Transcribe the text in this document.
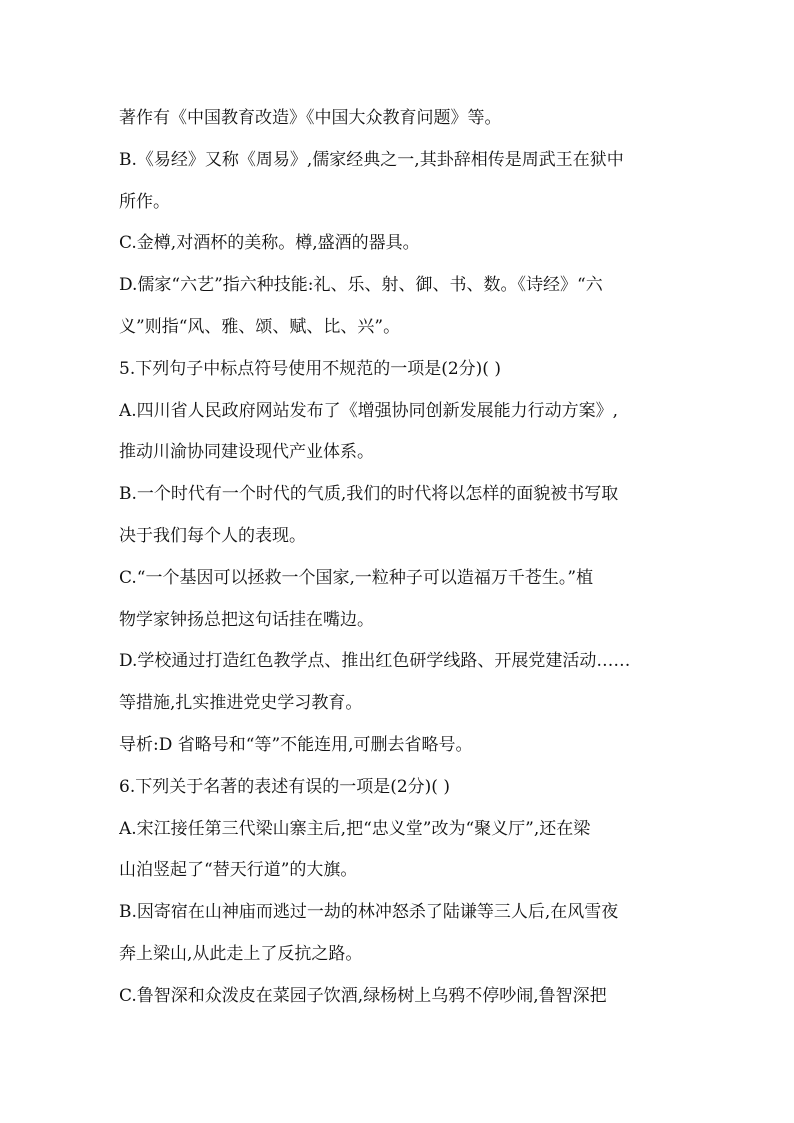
著作有《中国教育改造》《中国大众教育问题》等。
B.《易经》又称《周易》,儒家经典之一,其卦辞相传是周武王在狱中
所作。
C.金樽,对酒杯的美称。樽,盛酒的器具。
D.儒家“六艺”指六种技能:礼、乐、射、御、书、数。《诗经》“六
义”则指“风、雅、颂、赋、比、兴”。
5.下列句子中标点符号使用不规范的一项是(2分)( )
A.四川省人民政府网站发布了《增强协同创新发展能力行动方案》,
推动川渝协同建设现代产业体系。
B.一个时代有一个时代的气质,我们的时代将以怎样的面貌被书写取
决于我们每个人的表现。
C.“一个基因可以拯救一个国家,一粒种子可以造福万千苍生。”植
物学家钟扬总把这句话挂在嘴边。
D.学校通过打造红色教学点、推出红色研学线路、开展党建活动……
等措施,扎实推进党史学习教育。
导析:D 省略号和“等”不能连用,可删去省略号。
6.下列关于名著的表述有误的一项是(2分)( )
A.宋江接任第三代梁山寨主后,把“忠义堂”改为“聚义厅”,还在梁
山泊竖起了“替天行道”的大旗。
B.因寄宿在山神庙而逃过一劫的林冲怒杀了陆谦等三人后,在风雪夜
奔上梁山,从此走上了反抗之路。
C.鲁智深和众泼皮在菜园子饮酒,绿杨树上乌鸦不停吵闹,鲁智深把
